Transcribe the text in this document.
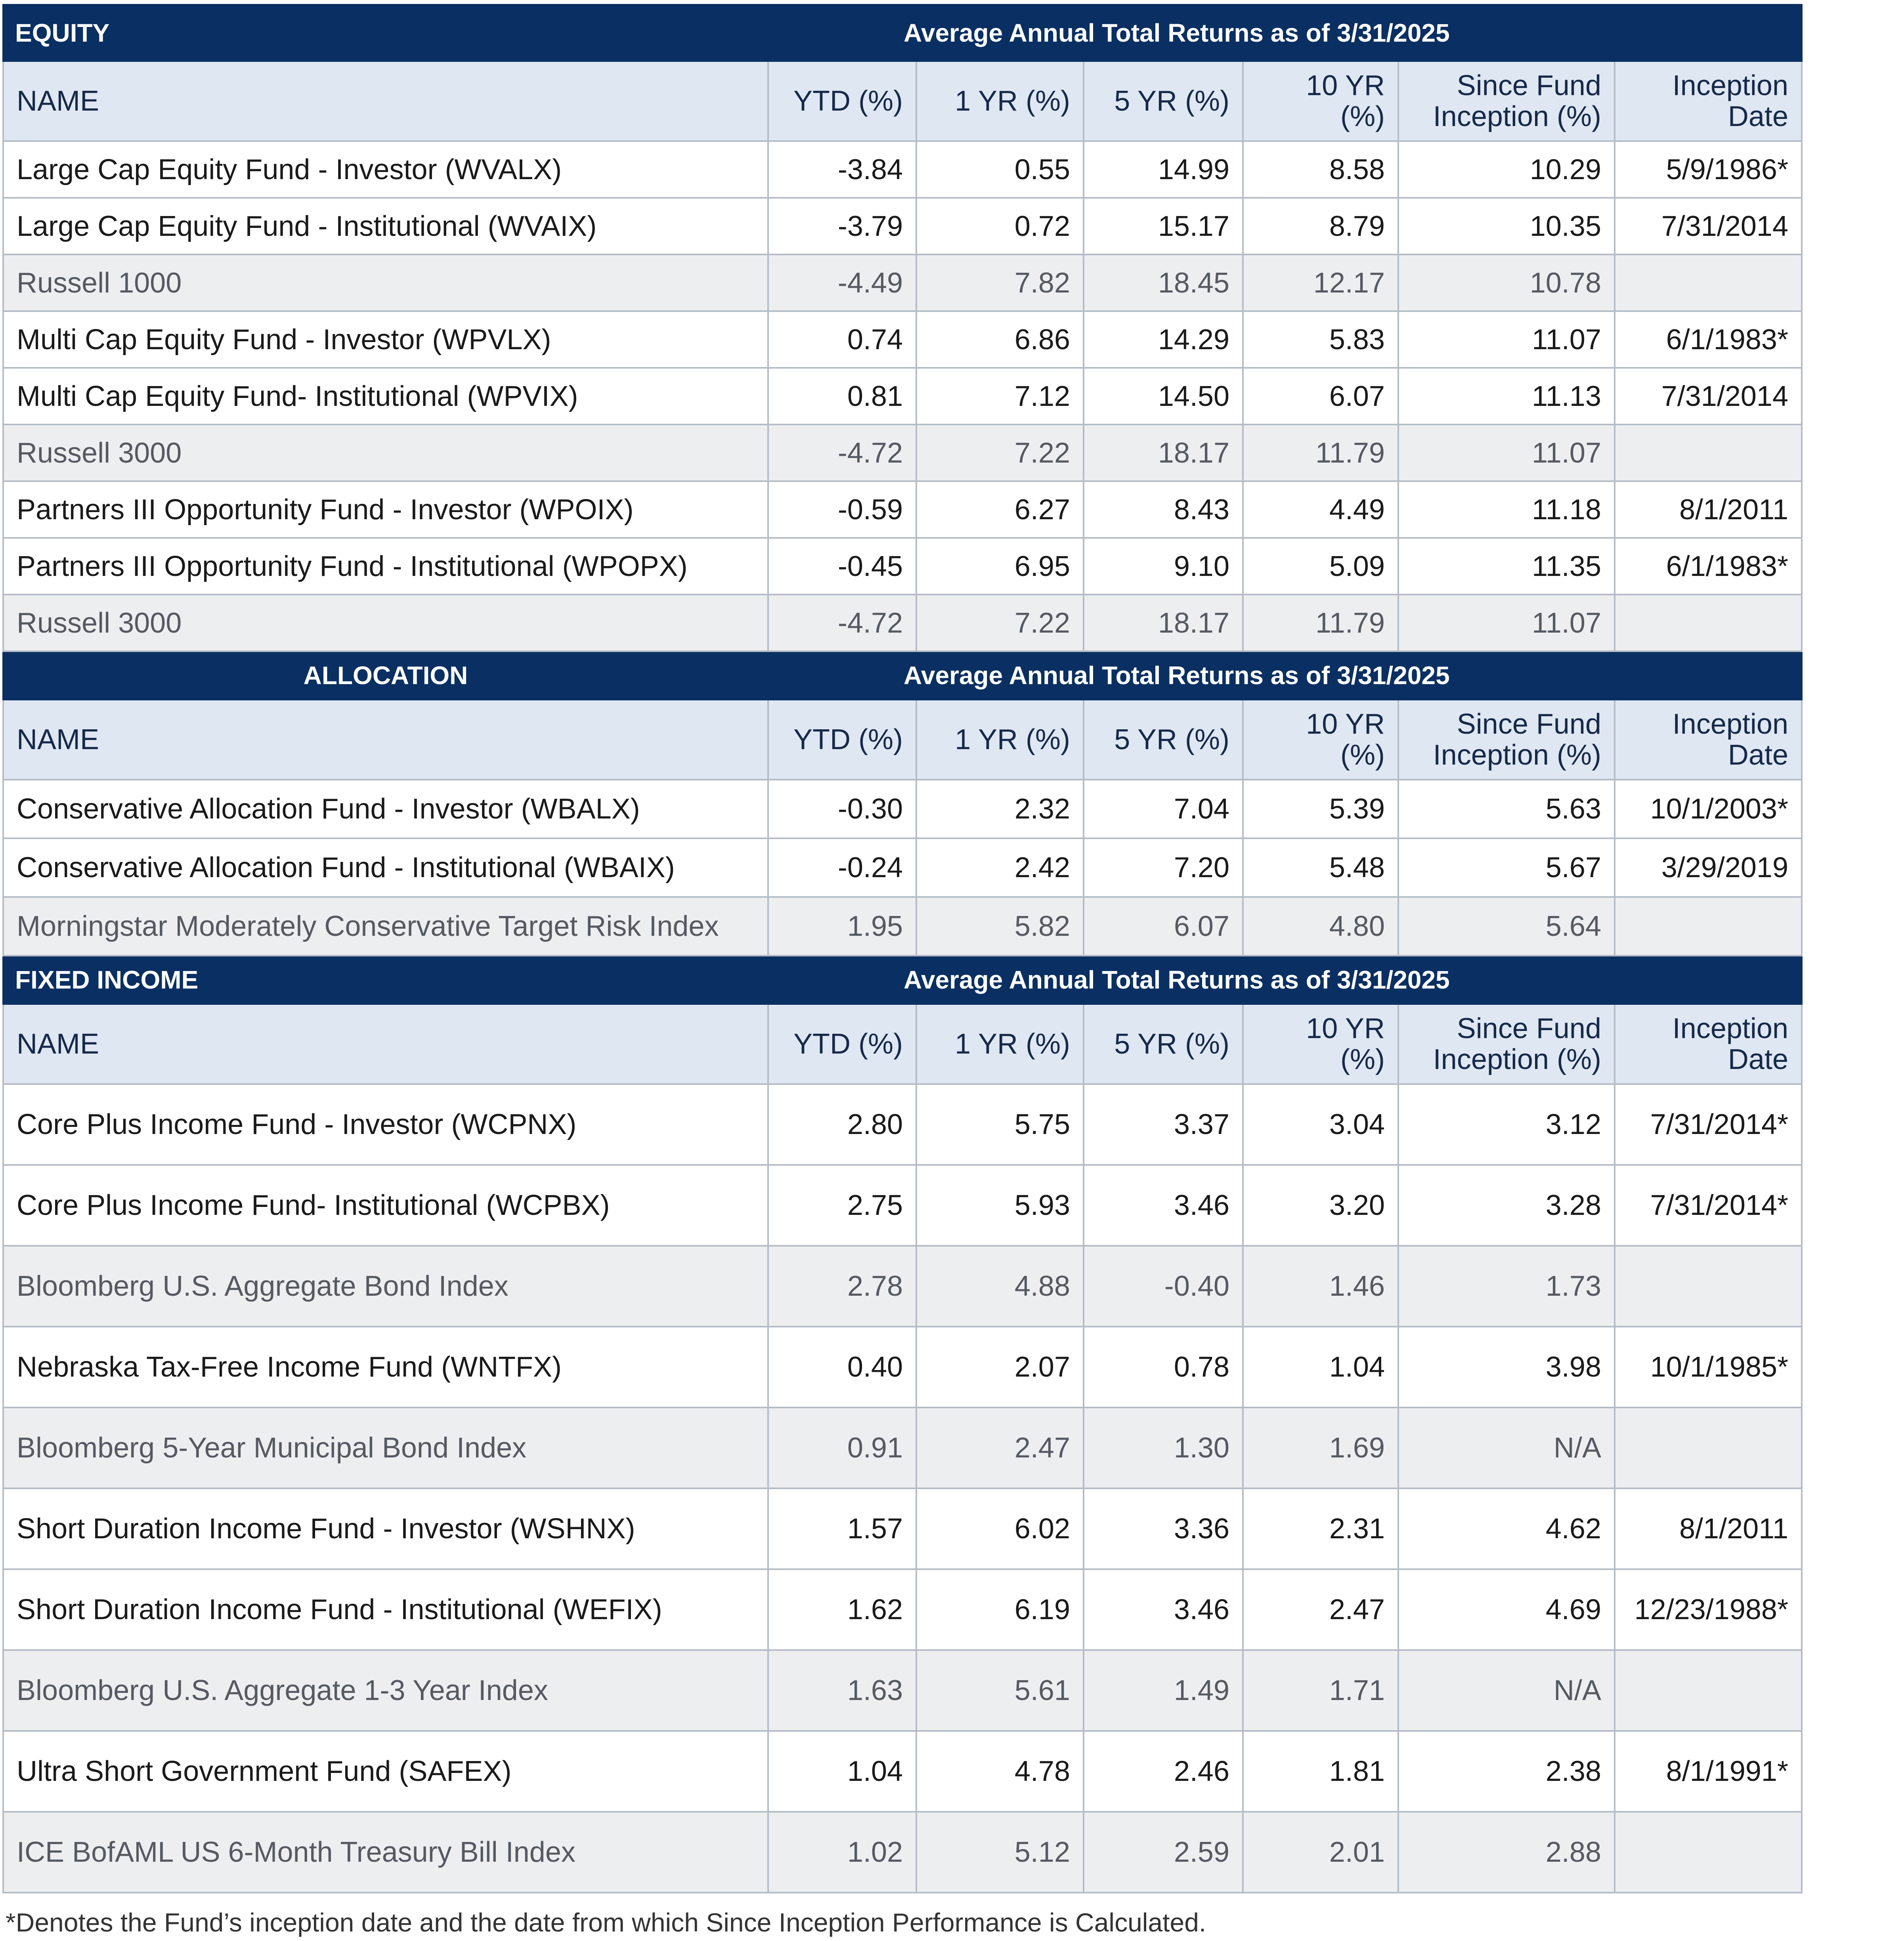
EQUITY	Average Annual Total Returns as of 3/31/2025					
NAME	YTD (%)	1 YR (%)	5 YR (%)	10 YR (%)	Since Fund Inception (%)	Inception Date
Large Cap Equity Fund - Investor (WVALX)	-3.84	0.55	14.99	8.58	10.29	5/9/1986*
Large Cap Equity Fund - Institutional (WVAIX)	-3.79	0.72	15.17	8.79	10.35	7/31/2014
Russell 1000	-4.49	7.82	18.45	12.17	10.78	
Multi Cap Equity Fund - Investor (WPVLX)	0.74	6.86	14.29	5.83	11.07	6/1/1983*
Multi Cap Equity Fund- Institutional (WPVIX)	0.81	7.12	14.50	6.07	11.13	7/31/2014
Russell 3000	-4.72	7.22	18.17	11.79	11.07	
Partners III Opportunity Fund - Investor (WPOIX)	-0.59	6.27	8.43	4.49	11.18	8/1/2011
Partners III Opportunity Fund - Institutional (WPOPX)	-0.45	6.95	9.10	5.09	11.35	6/1/1983*
Russell 3000	-4.72	7.22	18.17	11.79	11.07	
ALLOCATION	Average Annual Total Returns as of 3/31/2025					
NAME	YTD (%)	1 YR (%)	5 YR (%)	10 YR (%)	Since Fund Inception (%)	Inception Date
Conservative Allocation Fund - Investor (WBALX)	-0.30	2.32	7.04	5.39	5.63	10/1/2003*
Conservative Allocation Fund - Institutional (WBAIX)	-0.24	2.42	7.20	5.48	5.67	3/29/2019
Morningstar Moderately Conservative Target Risk Index	1.95	5.82	6.07	4.80	5.64	
FIXED INCOME	Average Annual Total Returns as of 3/31/2025					
NAME	YTD (%)	1 YR (%)	5 YR (%)	10 YR (%)	Since Fund Inception (%)	Inception Date
Core Plus Income Fund - Investor (WCPNX)	2.80	5.75	3.37	3.04	3.12	7/31/2014*
Core Plus Income Fund- Institutional (WCPBX)	2.75	5.93	3.46	3.20	3.28	7/31/2014*
Bloomberg U.S. Aggregate Bond Index	2.78	4.88	-0.40	1.46	1.73	
Nebraska Tax-Free Income Fund (WNTFX)	0.40	2.07	0.78	1.04	3.98	10/1/1985*
Bloomberg 5-Year Municipal Bond Index	0.91	2.47	1.30	1.69	N/A	
Short Duration Income Fund - Investor (WSHNX)	1.57	6.02	3.36	2.31	4.62	8/1/2011
Short Duration Income Fund - Institutional (WEFIX)	1.62	6.19	3.46	2.47	4.69	12/23/1988*
Bloomberg U.S. Aggregate 1-3 Year Index	1.63	5.61	1.49	1.71	N/A	
Ultra Short Government Fund (SAFEX)	1.04	4.78	2.46	1.81	2.38	8/1/1991*
ICE BofAML US 6-Month Treasury Bill Index	1.02	5.12	2.59	2.01	2.88	
*Denotes the Fund’s inception date and the date from which Since Inception Performance is Calculated.
